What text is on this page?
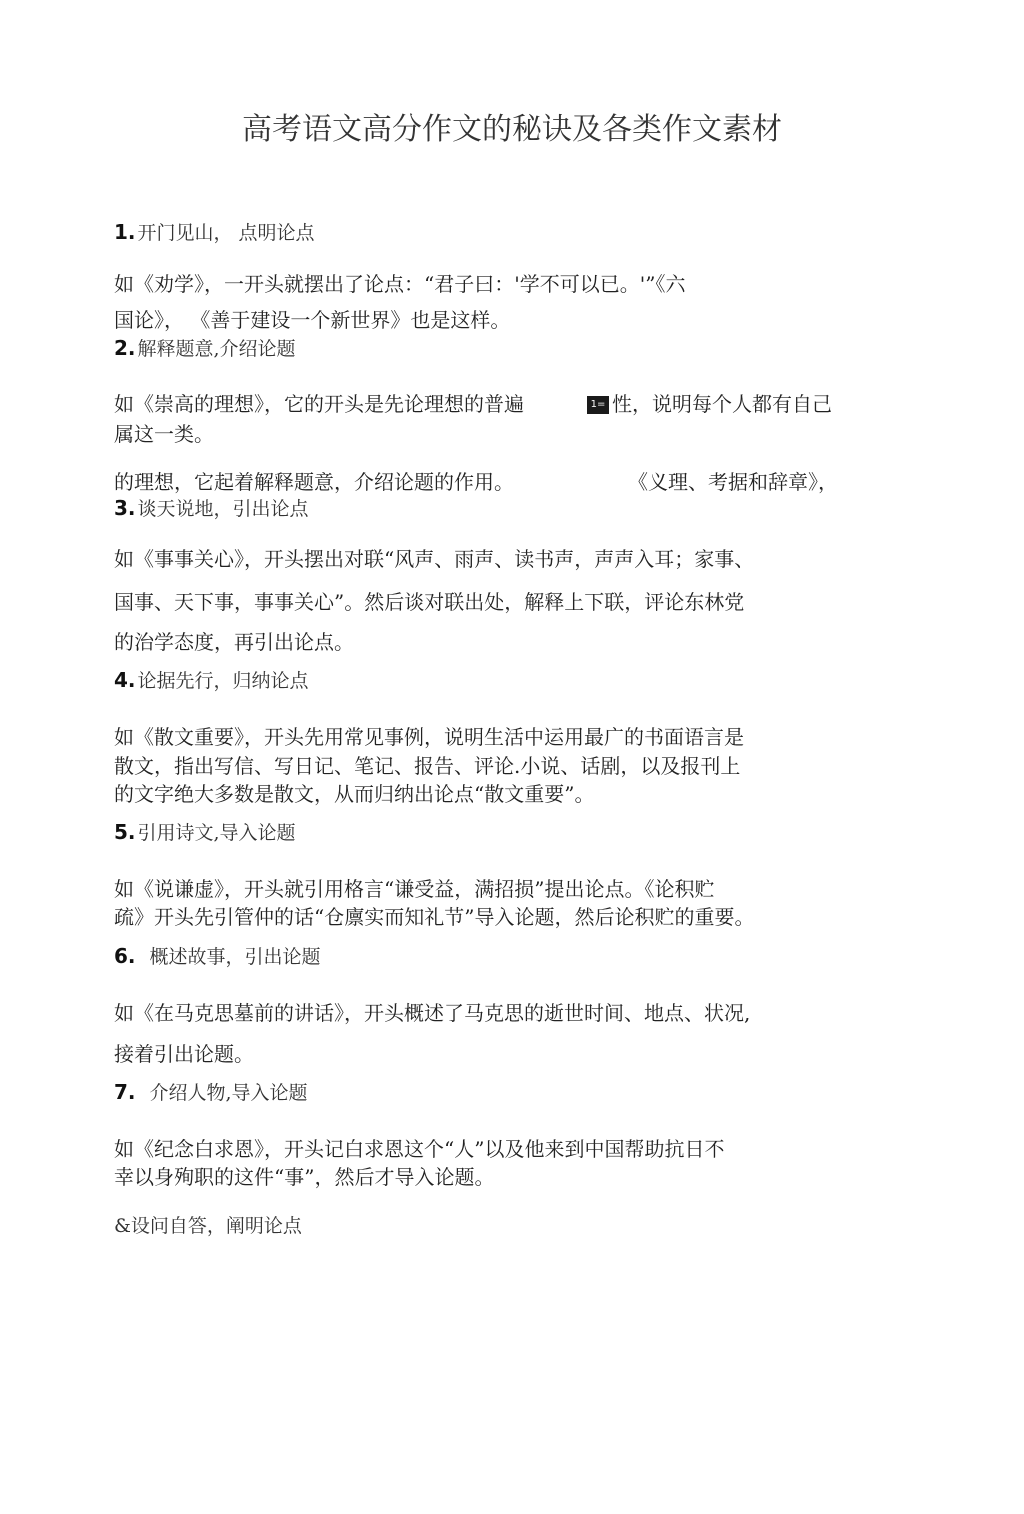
高考语文高分作文的秘诀及各类作文素材
1. 开门见山， 点明论点
如《劝学》，一开头就摆出了论点：“君子曰：'学不可以已。'”《六
国论》， 《善于建设一个新世界》也是这样。
2. 解释题意,介绍论题
如《崇高的理想》，它的开头是先论理想的普遍	1= 性，说明每个人都有自己
属这一类。
的理想，它起着解释题意，介绍论题的作用。	《义理、考据和辞章》，
3. 谈天说地，引出论点
如《事事关心》，开头摆出对联“风声、雨声、读书声，声声入耳；家事、
国事、天下事，事事关心”。然后谈对联出处，解释上下联，评论东林党
的治学态度，再引出论点。
4. 论据先行，归纳论点
如《散文重要》，开头先用常见事例，说明生活中运用最广的书面语言是
散文，指出写信、写日记、笔记、报告、评论.小说、话剧，以及报刊上
的文字绝大多数是散文，从而归纳出论点“散文重要”。
5. 引用诗文,导入论题
如《说谦虚》，开头就引用格言“谦受益，满招损”提出论点。《论积贮
疏》开头先引管仲的话“仓廪实而知礼节”导入论题，然后论积贮的重要。
6. 概述故事，引出论题
如《在马克思墓前的讲话》，开头概述了马克思的逝世时间、地点、状况,
接着引出论题。
7. 介绍人物,导入论题
如《纪念白求恩》，开头记白求恩这个“人”以及他来到中国帮助抗日不
幸以身殉职的这件“事”，然后才导入论题。
&设问自答，阐明论点
